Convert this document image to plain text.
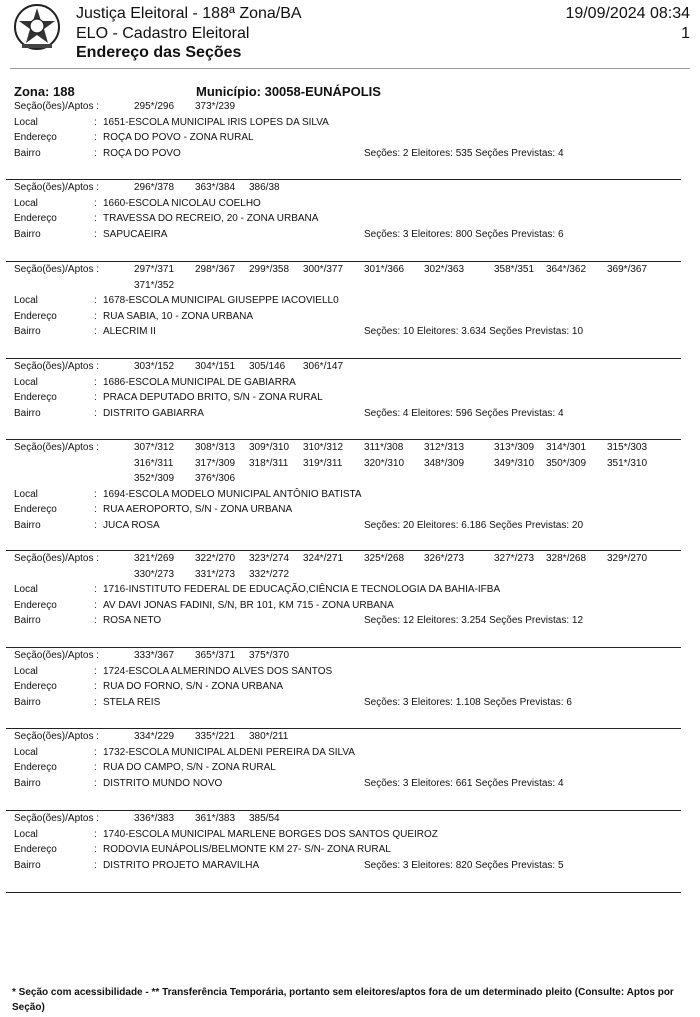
Justiça Eleitoral - 188ª Zona/BA
ELO - Cadastro Eleitoral
Endereço das Seções
19/09/2024 08:34
1
Zona: 188	Município: 30058-EUNÁPOLIS
Seção(ões)/Aptos :	295*/296 373*/239
Local	: 1651-ESCOLA MUNICIPAL IRIS LOPES DA SILVA
Endereço	: ROÇA DO POVO - ZONA RURAL
Bairro	: ROÇA DO POVO	Seções: 2 Eleitores: 535 Seções Previstas: 4
Seção(ões)/Aptos :	296*/378 363*/384 386/38
Local	: 1660-ESCOLA NICOLAU COELHO
Endereço	: TRAVESSA DO RECREIO, 20 - ZONA URBANA
Bairro	: SAPUCAEIRA	Seções: 3 Eleitores: 800 Seções Previstas: 6
Seção(ões)/Aptos :	297*/371 298*/367 299*/358 300*/377 301*/366 302*/363	358*/351 364*/362 369*/367
371*/352
Local	: 1678-ESCOLA MUNICIPAL GIUSEPPE IACOVIELL0
Endereço	: RUA SABIA, 10 - ZONA URBANA
Bairro	: ALECRIM II	Seções: 10 Eleitores: 3.634 Seções Previstas: 10
Seção(ões)/Aptos :	303*/152 304*/151 305/146 306*/147
Local	: 1686-ESCOLA MUNICIPAL DE GABIARRA
Endereço	: PRACA DEPUTADO BRITO, S/N - ZONA RURAL
Bairro	: DISTRITO GABIARRA	Seções: 4 Eleitores: 596 Seções Previstas: 4
Seção(ões)/Aptos :	307*/312 308*/313 309*/310 310*/312 311*/308 312*/313	313*/309 314*/301 315*/303
316*/311 317*/309 318*/311 319*/311 320*/310 348*/309	349*/310 350*/309 351*/310
352*/309 376*/306
Local	: 1694-ESCOLA MODELO MUNICIPAL ANTÔNIO BATISTA
Endereço	: RUA AEROPORTO, S/N - ZONA URBANA
Bairro	: JUCA ROSA	Seções: 20 Eleitores: 6.186 Seções Previstas: 20
Seção(ões)/Aptos :	321*/269 322*/270 323*/274 324*/271 325*/268 326*/273	327*/273 328*/268 329*/270
330*/273 331*/273 332*/272
Local	: 1716-INSTITUTO FEDERAL DE EDUCAÇÃO,CIÊNCIA E TECNOLOGIA DA BAHIA-IFBA
Endereço	: AV DAVI JONAS FADINI, S/N, BR 101, KM 715 - ZONA URBANA
Bairro	: ROSA NETO	Seções: 12 Eleitores: 3.254 Seções Previstas: 12
Seção(ões)/Aptos :	333*/367 365*/371 375*/370
Local	: 1724-ESCOLA ALMERINDO ALVES DOS SANTOS
Endereço	: RUA DO FORNO, S/N - ZONA URBANA
Bairro	: STELA REIS	Seções: 3 Eleitores: 1.108 Seções Previstas: 6
Seção(ões)/Aptos :	334*/229 335*/221 380*/211
Local	: 1732-ESCOLA MUNICIPAL ALDENI PEREIRA DA SILVA
Endereço	: RUA DO CAMPO, S/N - ZONA RURAL
Bairro	: DISTRITO MUNDO NOVO	Seções: 3 Eleitores: 661 Seções Previstas: 4
Seção(ões)/Aptos :	336*/383 361*/383 385/54
Local	: 1740-ESCOLA MUNICIPAL MARLENE BORGES DOS SANTOS QUEIROZ
Endereço	: RODOVIA EUNÁPOLIS/BELMONTE KM 27- S/N- ZONA RURAL
Bairro	: DISTRITO PROJETO MARAVILHA	Seções: 3 Eleitores: 820 Seções Previstas: 5
* Seção com acessibilidade - ** Transferência Temporária, portanto sem eleitores/aptos fora de um determinado pleito (Consulte: Aptos por Seção)
